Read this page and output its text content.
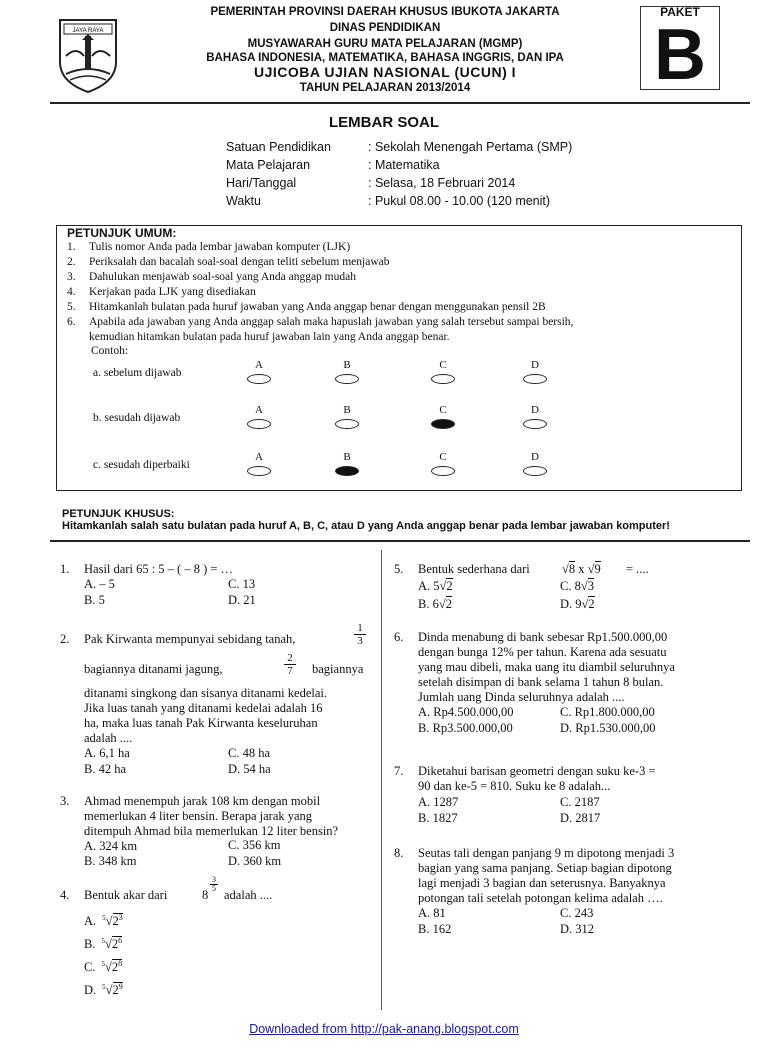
JAYA RAYA
PEMERINTAH PROVINSI DAERAH KHUSUS IBUKOTA JAKARTA
DINAS PENDIDIKAN
MUSYAWARAH GURU MATA PELAJARAN (MGMP)
BAHASA INDONESIA, MATEMATIKA, BAHASA INGGRIS, DAN IPA
UJICOBA UJIAN NASIONAL (UCUN) I
TAHUN PELAJARAN 2013/2014
PAKET
B
LEMBAR SOAL
Satuan Pendidikan	: Sekolah Menengah Pertama (SMP)
Mata Pelajaran	: Matematika
Hari/Tanggal	: Selasa, 18 Februari 2014
Waktu	: Pukul 08.00 - 10.00 (120 menit)
PETUNJUK UMUM:
1. Tulis nomor Anda pada lembar jawaban komputer (LJK)
2. Periksalah dan bacalah soal-soal dengan teliti sebelum menjawab
3. Dahulukan menjawab soal-soal yang Anda anggap mudah
4. Kerjakan pada LJK yang disediakan
5. Hitamkanlah bulatan pada huruf jawaban yang Anda anggap benar dengan menggunakan pensil 2B
6. Apabila ada jawaban yang Anda anggap salah maka hapuslah jawaban yang salah tersebut sampai bersih,
kemudian hitamkan bulatan pada huruf jawaban lain yang Anda anggap benar.
Contoh:
a. sebelum dijawab
A	B	C	D
b. sesudah dijawab
A	B	C	D
c. sesudah diperbaiki
A	B	C	D
PETUNJUK KHUSUS:
Hitamkanlah salah satu bulatan pada huruf A, B, C, atau D yang Anda anggap benar pada lembar jawaban komputer!
1.	Hasil dari 65 : 5 – ( – 8 ) = …
A. – 5
B. 5
C. 13
D. 21
2.	Pak Kirwanta mempunyai sebidang tanah,	$\frac{1}{3}$
bagiannya ditanami jagung,	$\frac{2}{7}$ bagiannya
ditanami singkong dan sisanya ditanami kedelai.
Jika luas tanah yang ditanami kedelai adalah 16
ha, maka luas tanah Pak Kirwanta keseluruhan
adalah ....
A. 6,1 ha
B. 42 ha
C. 48 ha
D. 54 ha
3.	Ahmad menempuh jarak 108 km dengan mobil
memerlukan 4 liter bensin. Berapa jarak yang
ditempuh Ahmad bila memerlukan 12 liter bensin?
A. 324 km
B. 348 km
C. 356 km
D. 360 km
4.	Bentuk akar dari	8
$\frac{3}{5}$
adalah ....
A. $^5√2^3$
B. $^5√2^6$
C. $^5√2^8$
D. $^5√2^9$
5.	Bentuk sederhana dari	√8 x √9 = ....
A. 5√2
B. 6√2
C. 8√3
D. 9√2
6.	Dinda menabung di bank sebesar Rp1.500.000,00
dengan bunga 12% per tahun. Karena ada sesuatu
yang mau dibeli, maka uang itu diambil seluruhnya
setelah disimpan di bank selama 1 tahun 8 bulan.
Jumlah uang Dinda seluruhnya adalah ....
A. Rp4.500.000,00
B. Rp3.500.000,00
C. Rp1.800.000,00
D. Rp1.530.000,00
7.	Diketahui barisan geometri dengan suku ke-3 =
90 dan ke-5 = 810. Suku ke 8 adalah...
A. 1287
B. 1827
C. 2187
D. 2817
8.	Seutas tali dengan panjang 9 m dipotong menjadi 3
bagian yang sama panjang. Setiap bagian dipotong
lagi menjadi 3 bagian dan seterusnya. Banyaknya
potongan tali setelah potongan kelima adalah ….
A. 81
B. 162
C. 243
D. 312
Downloaded from http://pak-anang.blogspot.com
